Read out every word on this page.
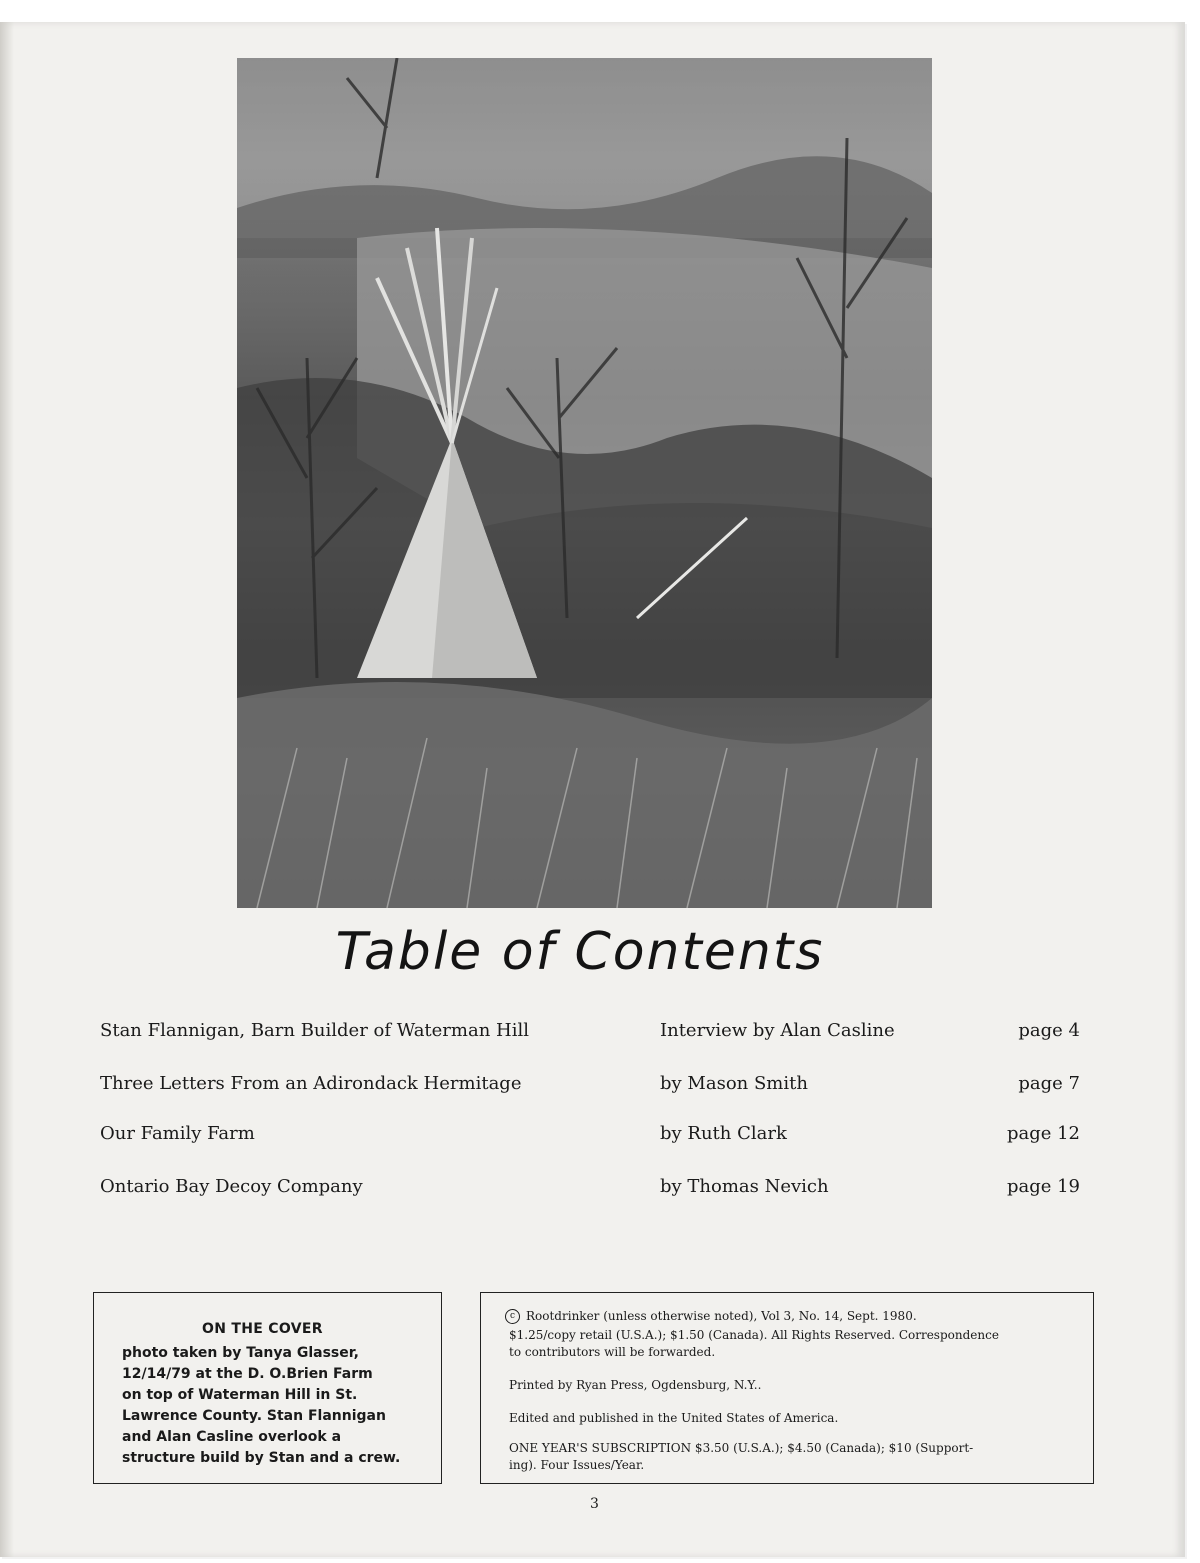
Table of Contents
Stan Flannigan, Barn Builder of Waterman Hill	Interview by Alan Casline	page 4
Three Letters From an Adirondack Hermitage	by Mason Smith	page 7
Our Family Farm	by Ruth Clark	page 12
Ontario Bay Decoy Company	by Thomas Nevich	page 19
ON THE COVER
photo taken by Tanya Glasser,
12/14/79 at the D. O.Brien Farm
on top of Waterman Hill in St.
Lawrence County. Stan Flannigan
and Alan Casline overlook a
structure build by Stan and a crew.
c Rootdrinker (unless otherwise noted), Vol 3, No. 14, Sept. 1980.
$1.25/copy retail (U.S.A.); $1.50 (Canada). All Rights Reserved. Correspondence
to contributors will be forwarded.
Printed by Ryan Press, Ogdensburg, N.Y..
Edited and published in the United States of America.
ONE YEAR'S SUBSCRIPTION $3.50 (U.S.A.); $4.50 (Canada); $10 (Support-
ing). Four Issues/Year.
3
